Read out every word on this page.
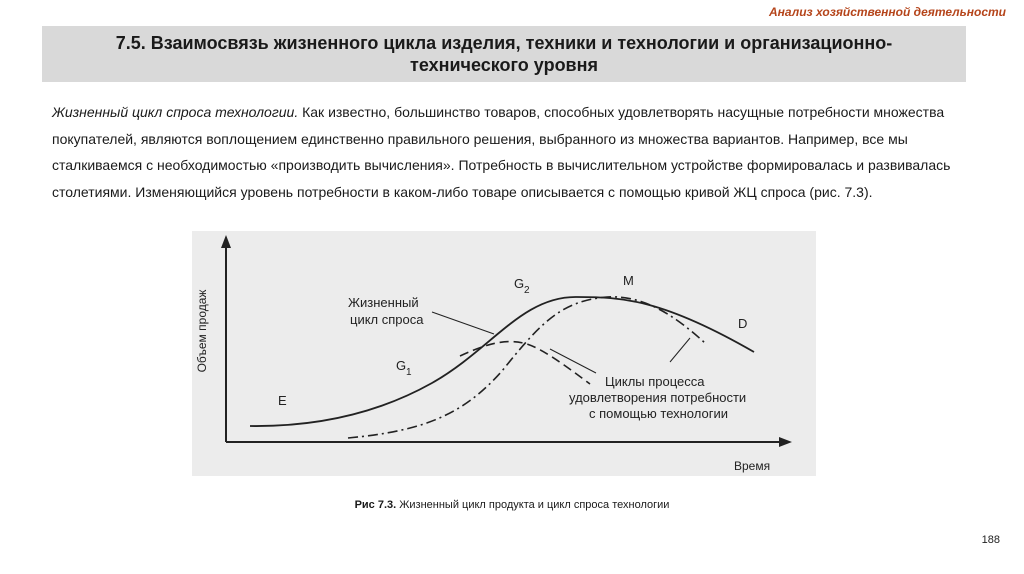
Анализ хозяйственной деятельности
7.5. Взаимосвязь жизненного цикла изделия, техники и технологии и организационно-технического уровня
Жизненный цикл спроса технологии. Как известно, большинство товаров, способных удовлетворять насущные потребности множества покупателей, являются воплощением единственно правильного решения, выбранного из множества вариантов. Например, все мы сталкиваемся с необходимостью «производить вычисления». Потребность в вычислительном устройстве формировалась и развивалась столетиями. Изменяющийся уровень потребности в каком-либо товаре описывается с помощью кривой ЖЦ спроса (рис. 7.3).
Объем продаж
Время
Жизненный
цикл спроса
Циклы процесса
удовлетворения потребности
с помощью технологии
E
G 1
G 2
M
D
Рис 7.3. Жизненный цикл продукта и цикл спроса технологии
188
